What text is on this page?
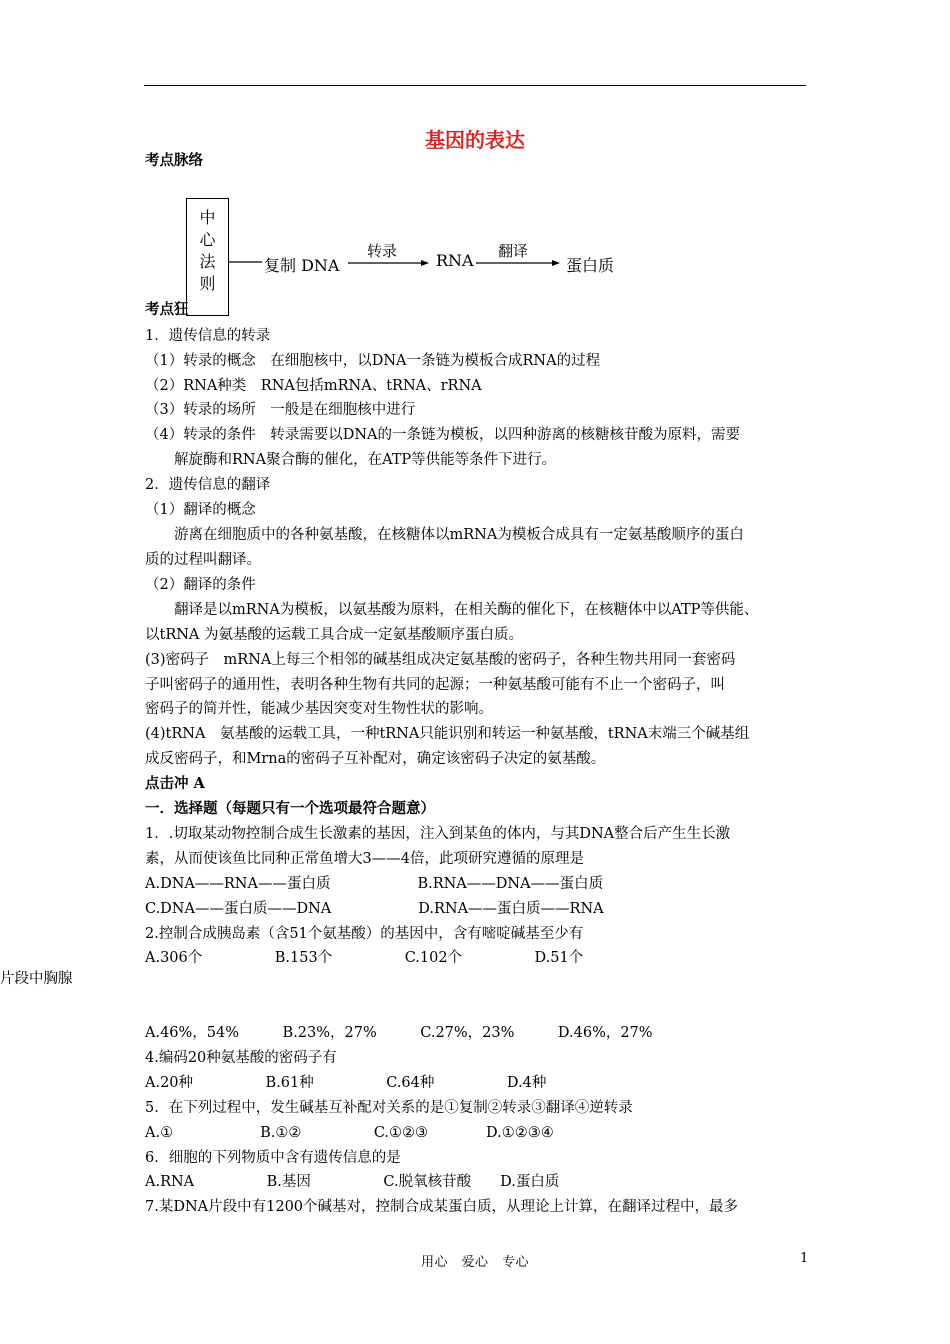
基因的表达
考点脉络
中
心
法
则
复制 DNA
转录 RNA 翻译
蛋白质
考点狂
1．遗传信息的转录
（1）转录的概念　在细胞核中，以DNA一条链为模板合成RNA的过程
（2）RNA种类　RNA包括mRNA、tRNA、rRNA
（3）转录的场所　一般是在细胞核中进行
（4）转录的条件　转录需要以DNA的一条链为模板，以四种游离的核糖核苷酸为原料，需要
　　解旋酶和RNA聚合酶的催化，在ATP等供能等条件下进行。
2．遗传信息的翻译
（1）翻译的概念
　　游离在细胞质中的各种氨基酸，在核糖体以mRNA为模板合成具有一定氨基酸顺序的蛋白
质的过程叫翻译。
（2）翻译的条件
　　翻译是以mRNA为模板，以氨基酸为原料，在相关酶的催化下，在核糖体中以ATP等供能、
以tRNA 为氨基酸的运载工具合成一定氨基酸顺序蛋白质。
(3)密码子　mRNA上每三个相邻的碱基组成决定氨基酸的密码子，各种生物共用同一套密码
子叫密码子的通用性，表明各种生物有共同的起源；一种氨基酸可能有不止一个密码子，叫
密码子的简并性，能减少基因突变对生物性状的影响。
(4)tRNA　氨基酸的运载工具，一种tRNA只能识别和转运一种氨基酸，tRNA末端三个碱基组
成反密码子，和Mrna的密码子互补配对，确定该密码子决定的氨基酸。
点击冲 A
一．选择题（每题只有一个选项最符合题意）
1．.切取某动物控制合成生长激素的基因，注入到某鱼的体内，与其DNA整合后产生生长激
素，从而使该鱼比同种正常鱼增大3——4倍，此项研究遵循的原理是
A.DNA——RNA——蛋白质　　　　　　B.RNA——DNA——蛋白质
C.DNA——蛋白质——DNA　　　　　　D.RNA——蛋白质——RNA
2.控制合成胰岛素（含51个氨基酸）的基因中，含有嘧啶碱基至少有
A.306个　　　　　B.153个　　　　　C.102个　　　　　D.51个
片段中胸腺
A.46%，54%　　　B.23%，27%　　　C.27%，23%　　　D.46%，27%
4.编码20种氨基酸的密码子有
A.20种　　　　　B.61种　　　　　C.64种　　　　　D.4种
5．在下列过程中，发生碱基互补配对关系的是①复制②转录③翻译④逆转录
A.①　　　　　　B.①②　　　　　C.①②③　　　　D.①②③④
6．细胞的下列物质中含有遗传信息的是
A.RNA　　　　　B.基因　　　　　C.脱氧核苷酸　　D.蛋白质
7.某DNA片段中有1200个碱基对，控制合成某蛋白质，从理论上计算，在翻译过程中，最多
用心　爱心　专心	1
